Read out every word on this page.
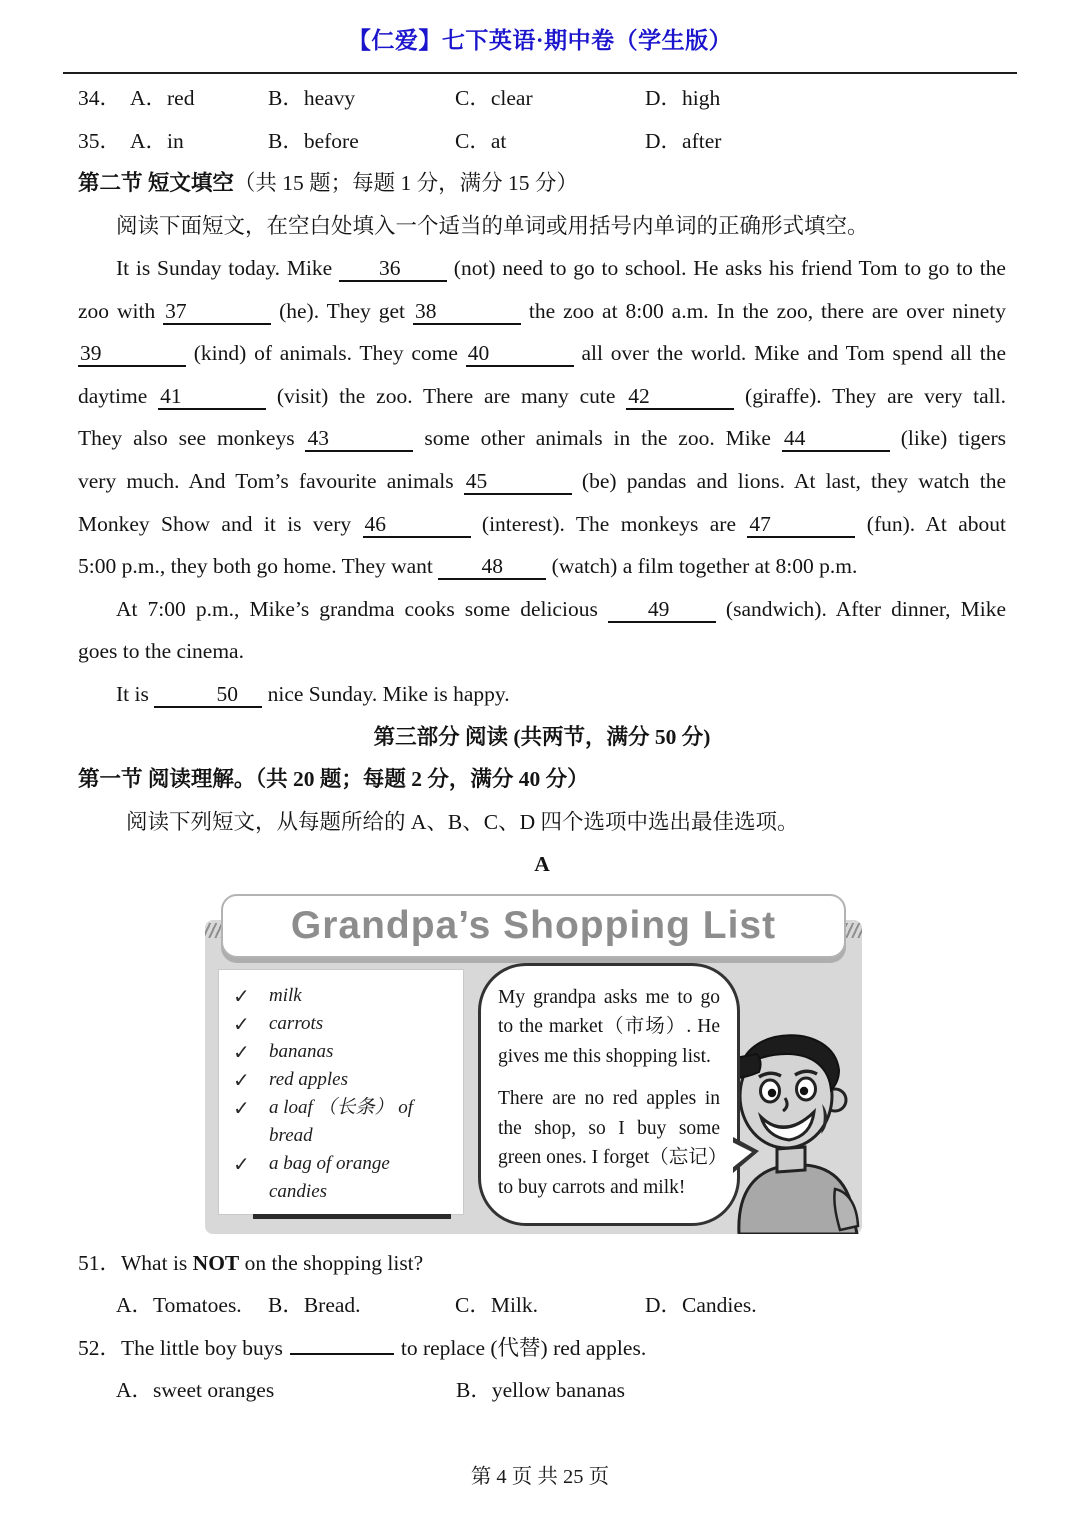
【仁爱】七下英语·期中卷（学生版）
34． A．red	B．heavy	C．clear	D．high
35． A．in	B．before	C．at	D．after
第二节 短文填空（共 15 题；每题 1 分，满分 15 分）
阅读下面短文，在空白处填入一个适当的单词或用括号内单词的正确形式填空。
It is Sunday today. Mike 36 (not) need to go to school. He asks his friend Tom to go to the
zoo with 37	(he). They get 38	the zoo at 8:00 a.m. In the zoo, there are over ninety
39	(kind) of animals. They come 40	all over the world. Mike and Tom spend all the
daytime 41	(visit) the zoo. There are many cute 42	(giraffe). They are very tall.
They also see monkeys 43	some other animals in the zoo. Mike 44	(like) tigers
very much. And Tom’s favourite animals 45	(be) pandas and lions. At last, they watch the
Monkey Show and it is very 46	(interest). The monkeys are 47	(fun). At about
5:00 p.m., they both go home. They want 48 (watch) a film together at 8:00 p.m.
At 7:00 p.m., Mike’s grandma cooks some delicious 49 (sandwich). After dinner, Mike
goes to the cinema.
It is	50 nice Sunday. Mike is happy.
第三部分 阅读 (共两节，满分 50 分)
第一节 阅读理解。（共 20 题；每题 2 分，满分 40 分）
阅读下列短文，从每题所给的 A、B、C、D 四个选项中选出最佳选项。
A
Grandpa’s Shopping List
✓	milk
✓	carrots
✓	bananas
✓	red apples
✓	a loaf （长条） of
bread
✓	a bag of orange
candies
My grandpa asks me to go
to the market（市场）. He
gives me this shopping list.
There are no red apples in
the shop, so I buy some
green ones. I forget（忘记）
to buy carrots and milk!
51．What is NOT on the shopping list?
A．Tomatoes. B．Bread.	C．Milk.	D．Candies.
52．The little boy buys	to replace (代替) red apples.
A．sweet oranges	B．yellow bananas
第 4 页 共 25 页
